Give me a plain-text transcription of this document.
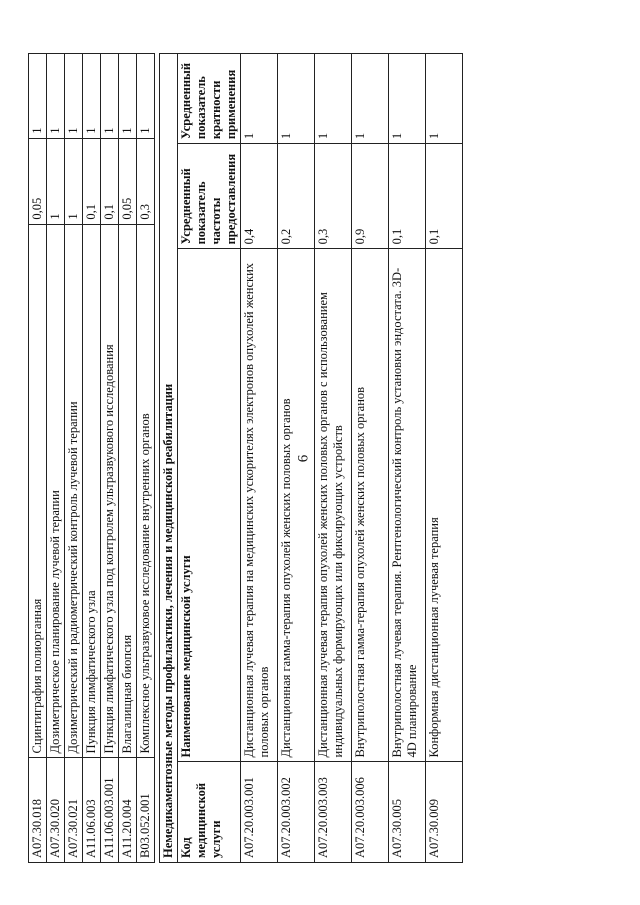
6
A07.30.018	Сцинтиграфия полиорганная	0,05	1
A07.30.020	Дозиметрическое планирование лучевой терапии	1	1
A07.30.021	Дозиметрический и радиометрический контроль лучевой терапии	1	1
A11.06.003	Пункция лимфатического узла	0,1	1
A11.06.003.001	Пункция лимфатического узла под контролем ультразвукового исследования	0,1	1
A11.20.004	Влагалищная биопсия	0,05	1
B03.052.001	Комплексное ультразвуковое исследование внутренних органов	0,3	1
Немедикаментозные методы профилактики, лечения и медицинской реабилитации			
Код медицинской услуги	Наименование медицинской услуги	Усредненный показатель частоты предоставления	Усредненный показатель кратности применения
A07.20.003.001	Дистанционная лучевая терапия на медицинских ускорителях электронов опухолей женских половых органов	0,4	1
A07.20.003.002	Дистанционная гамма-терапия опухолей женских половых органов	0,2	1
A07.20.003.003	Дистанционная лучевая терапия опухолей женских половых органов с использованием индивидуальных формирующих или фиксирующих устройств	0,3	1
A07.20.003.006	Внутриполостная гамма-терапия опухолей женских половых органов	0,9	1
A07.30.005	Внутриполостная лучевая терапия. Рентгенологический контроль установки эндостата. 3D-4D планирование	0,1	1
A07.30.009	Конформная дистанционная лучевая терапия	0,1	1
